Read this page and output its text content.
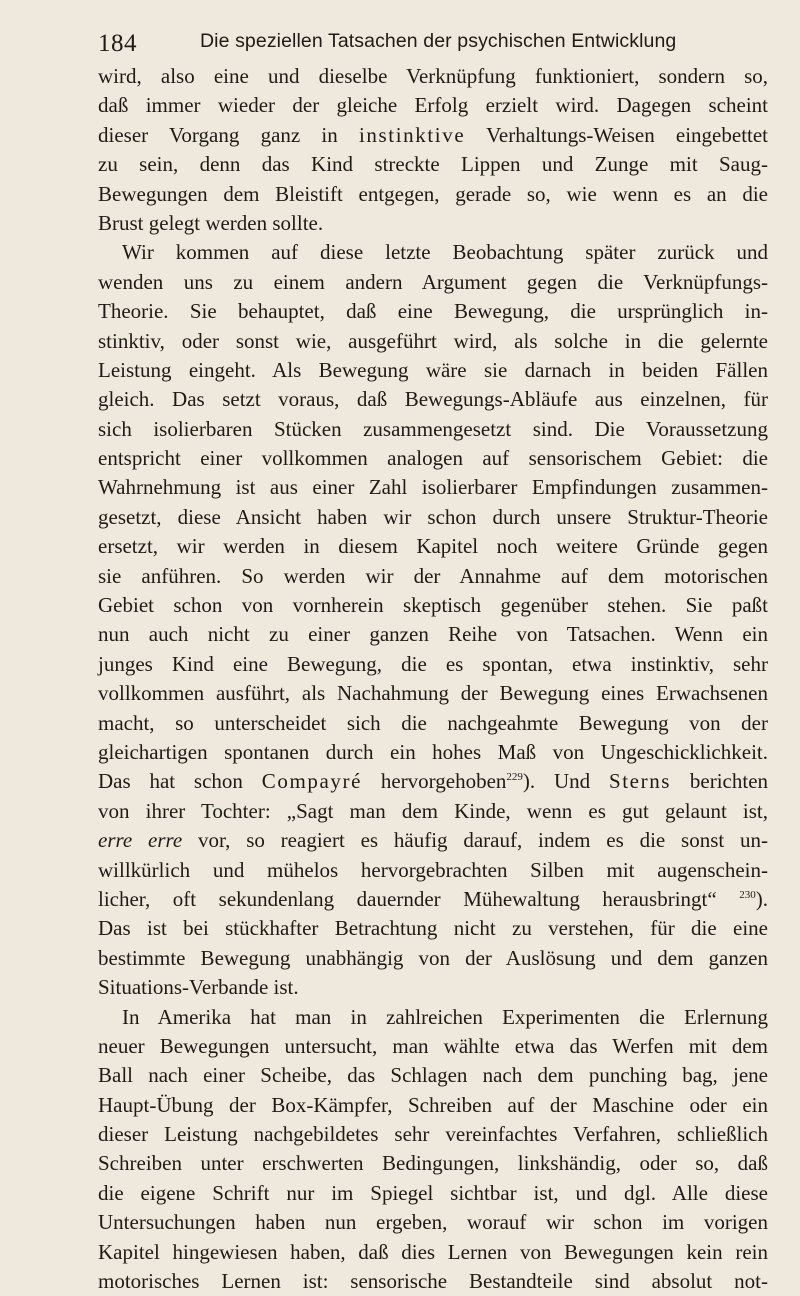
184	Die speziellen Tatsachen der psychischen Entwicklung
wird, also eine und dieselbe Verknüpfung funktioniert, sondern so,
daß immer wieder der gleiche Erfolg erzielt wird. Dagegen scheint
dieser Vorgang ganz in instinktive Verhaltungs-Weisen eingebettet
zu sein, denn das Kind streckte Lippen und Zunge mit Saug-
Bewegungen dem Bleistift entgegen, gerade so, wie wenn es an die
Brust gelegt werden sollte.
Wir kommen auf diese letzte Beobachtung später zurück und
wenden uns zu einem andern Argument gegen die Verknüpfungs-
Theorie. Sie behauptet, daß eine Bewegung, die ursprünglich in-
stinktiv, oder sonst wie, ausgeführt wird, als solche in die gelernte
Leistung eingeht. Als Bewegung wäre sie darnach in beiden Fällen
gleich. Das setzt voraus, daß Bewegungs-Abläufe aus einzelnen, für
sich isolierbaren Stücken zusammengesetzt sind. Die Voraussetzung
entspricht einer vollkommen analogen auf sensorischem Gebiet: die
Wahrnehmung ist aus einer Zahl isolierbarer Empfindungen zusammen-
gesetzt, diese Ansicht haben wir schon durch unsere Struktur-Theorie
ersetzt, wir werden in diesem Kapitel noch weitere Gründe gegen
sie anführen. So werden wir der Annahme auf dem motorischen
Gebiet schon von vornherein skeptisch gegenüber stehen. Sie paßt
nun auch nicht zu einer ganzen Reihe von Tatsachen. Wenn ein
junges Kind eine Bewegung, die es spontan, etwa instinktiv, sehr
vollkommen ausführt, als Nachahmung der Bewegung eines Erwachsenen
macht, so unterscheidet sich die nachgeahmte Bewegung von der
gleichartigen spontanen durch ein hohes Maß von Ungeschicklichkeit.
Das hat schon Compayré hervorgehoben$^{229}$). Und Sterns berichten
von ihrer Tochter: „Sagt man dem Kinde, wenn es gut gelaunt ist,
erre erre vor, so reagiert es häufig darauf, indem es die sonst un-
willkürlich und mühelos hervorgebrachten Silben mit augenschein-
licher, oft sekundenlang dauernder Mühewaltung herausbringt“ $^{230}$).
Das ist bei stückhafter Betrachtung nicht zu verstehen, für die eine
bestimmte Bewegung unabhängig von der Auslösung und dem ganzen
Situations-Verbande ist.
In Amerika hat man in zahlreichen Experimenten die Erlernung
neuer Bewegungen untersucht, man wählte etwa das Werfen mit dem
Ball nach einer Scheibe, das Schlagen nach dem punching bag, jene
Haupt-Übung der Box-Kämpfer, Schreiben auf der Maschine oder ein
dieser Leistung nachgebildetes sehr vereinfachtes Verfahren, schließlich
Schreiben unter erschwerten Bedingungen, linkshändig, oder so, daß
die eigene Schrift nur im Spiegel sichtbar ist, und dgl. Alle diese
Untersuchungen haben nun ergeben, worauf wir schon im vorigen
Kapitel hingewiesen haben, daß dies Lernen von Bewegungen kein rein
motorisches Lernen ist: sensorische Bestandteile sind absolut not-
